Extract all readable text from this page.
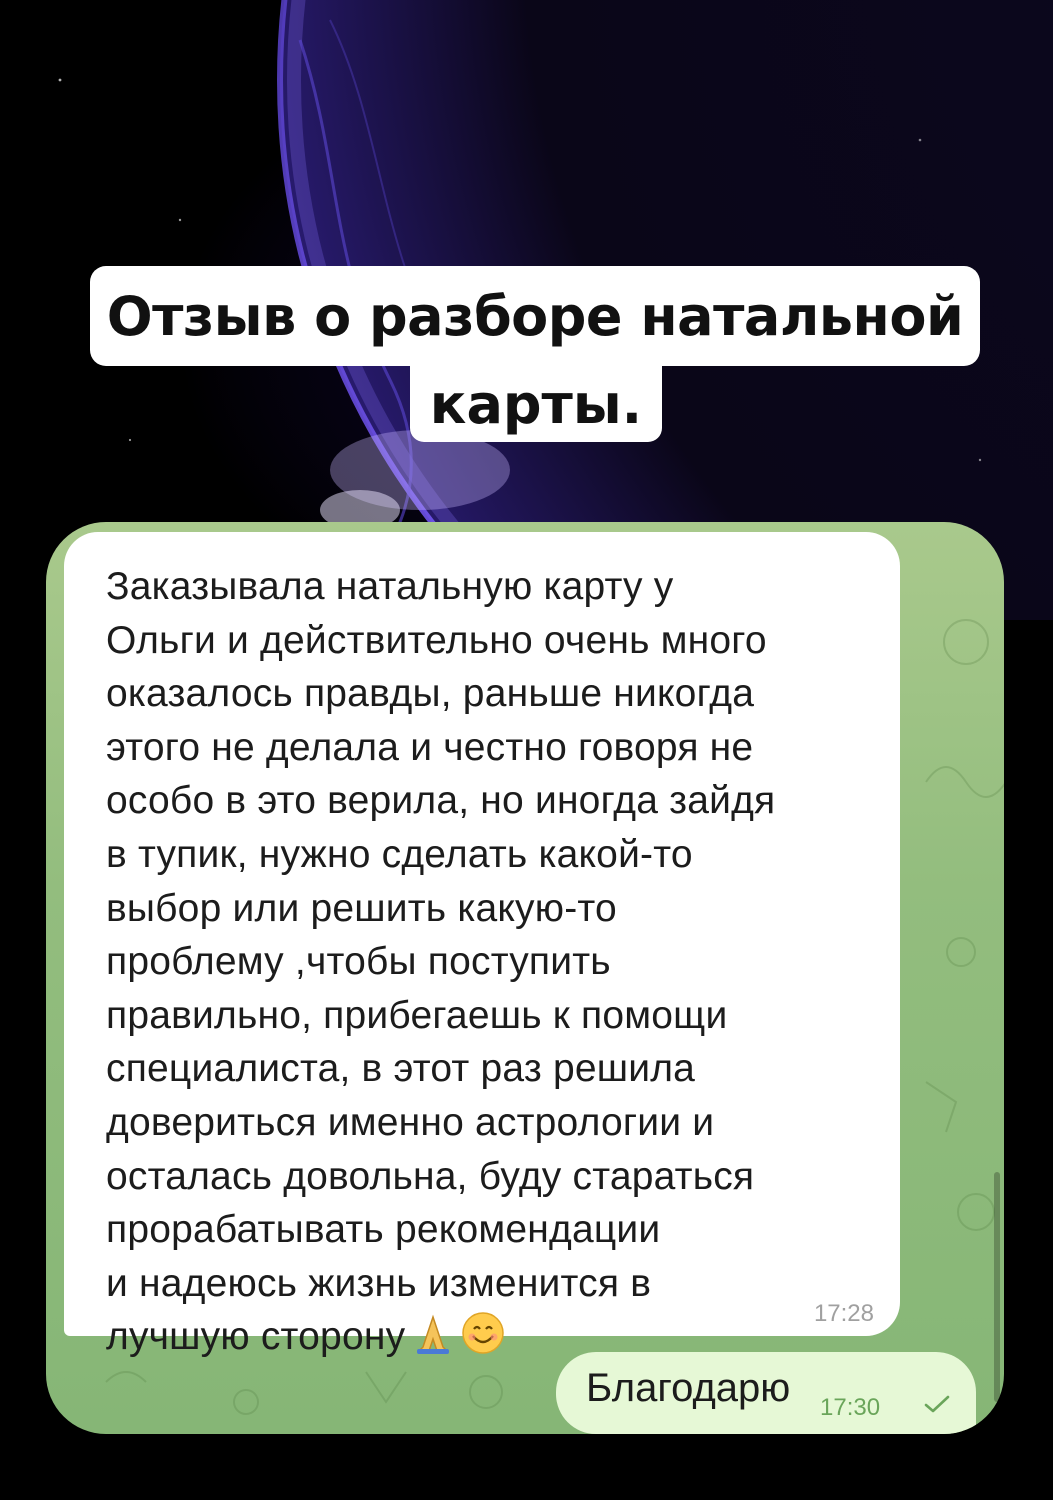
Отзыв о разборе натальной
карты.
Заказывала натальную карту у
Ольги и действительно очень много
оказалось правды, раньше никогда
этого не делала и честно говоря не
особо в это верила, но иногда зайдя
в тупик, нужно сделать какой-то
выбор или решить какую-то
проблему ,чтобы поступить
правильно, прибегаешь к помощи
специалиста, в этот раз решила
довериться именно астрологии и
осталась довольна, буду стараться
прорабатывать рекомендации
и надеюсь жизнь изменится в
лучшую сторону
17:28
Благодарю 17:30
